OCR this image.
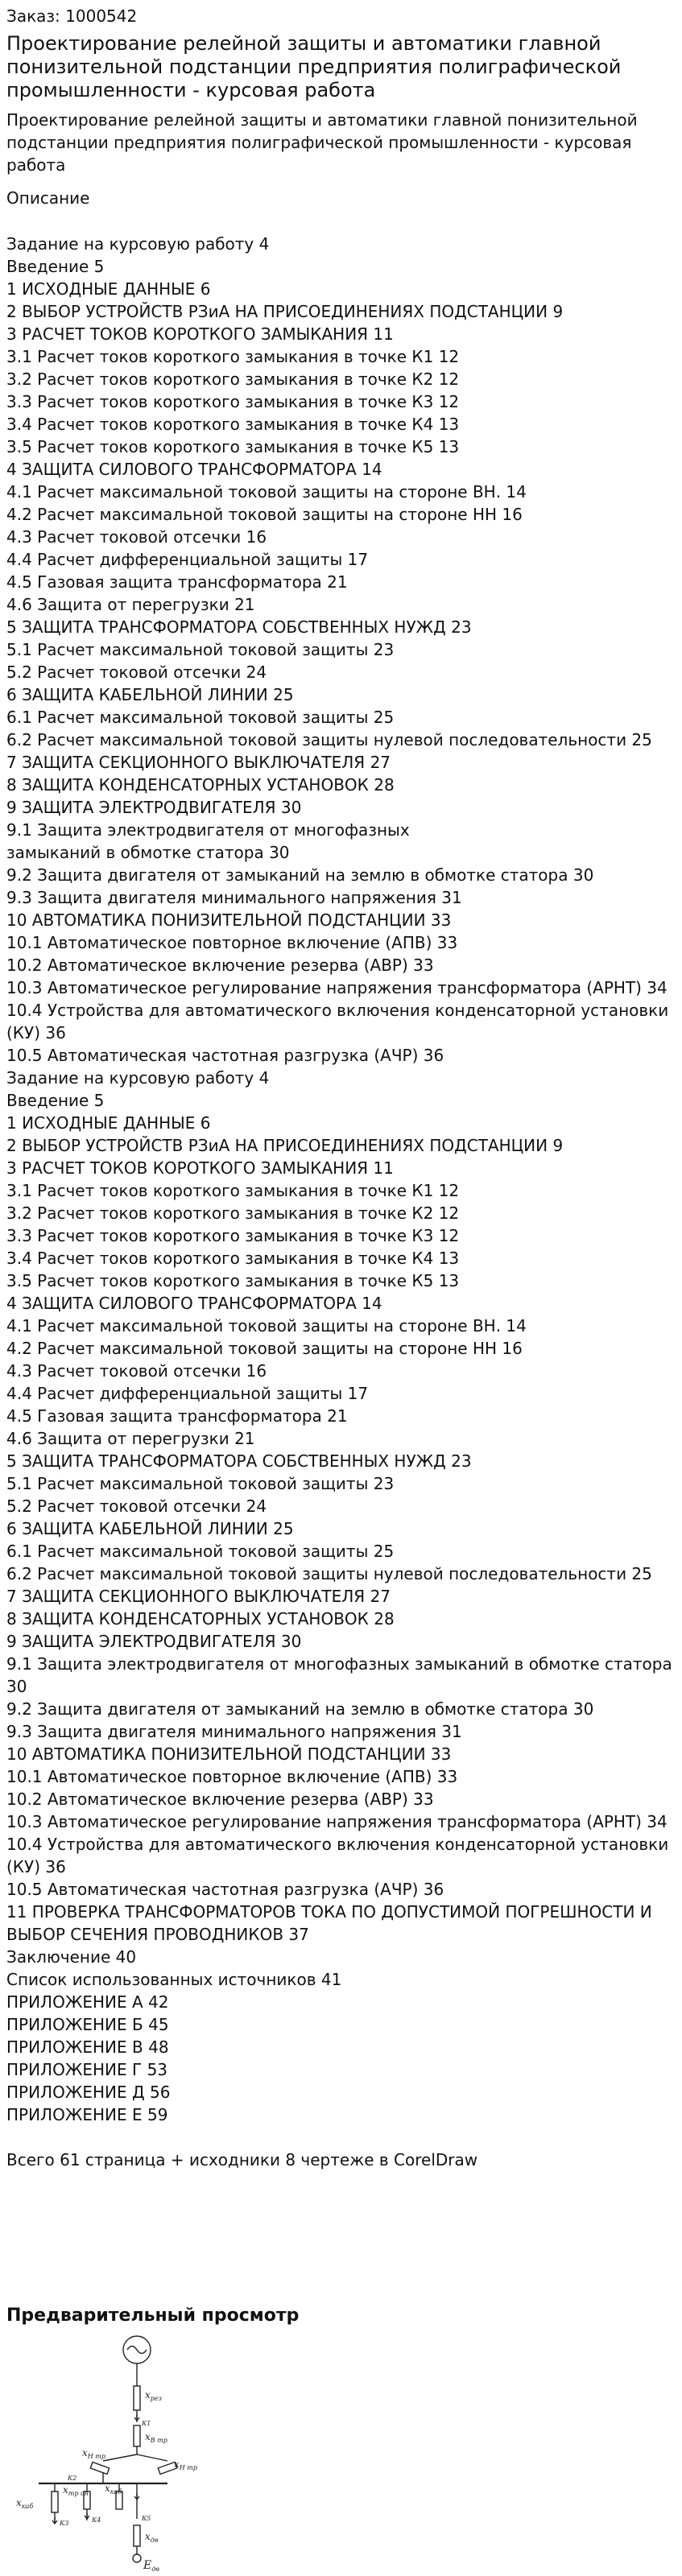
Заказ: 1000542
Проектирование релейной защиты и автоматики главной понизительной подстанции предприятия полиграфической промышленности - курсовая работа
Проектирование релейной защиты и автоматики главной понизительной подстанции предприятия полиграфической промышленности - курсовая работа
Описание
Задание на курсовую работу 4
Введение 5
1 ИСХОДНЫЕ ДАННЫЕ 6
2 ВЫБОР УСТРОЙСТВ РЗиА НА ПРИСОЕДИНЕНИЯХ ПОДСТАНЦИИ 9
3 РАСЧЕТ ТОКОВ КОРОТКОГО ЗАМЫКАНИЯ 11
3.1 Расчет токов короткого замыкания в точке К1 12
3.2 Расчет токов короткого замыкания в точке К2 12
3.3 Расчет токов короткого замыкания в точке К3 12
3.4 Расчет токов короткого замыкания в точке К4 13
3.5 Расчет токов короткого замыкания в точке К5 13
4 ЗАЩИТА СИЛОВОГО ТРАНСФОРМАТОРА 14
4.1 Расчет максимальной токовой защиты на стороне ВН. 14
4.2 Расчет максимальной токовой защиты на стороне НН 16
4.3 Расчет токовой отсечки 16
4.4 Расчет дифференциальной защиты 17
4.5 Газовая защита трансформатора 21
4.6 Защита от перегрузки 21
5 ЗАЩИТА ТРАНСФОРМАТОРА СОБСТВЕННЫХ НУЖД 23
5.1 Расчет максимальной токовой защиты 23
5.2 Расчет токовой отсечки 24
6 ЗАЩИТА КАБЕЛЬНОЙ ЛИНИИ 25
6.1 Расчет максимальной токовой защиты 25
6.2 Расчет максимальной токовой защиты нулевой последовательности 25
7 ЗАЩИТА СЕКЦИОННОГО ВЫКЛЮЧАТЕЛЯ 27
8 ЗАЩИТА КОНДЕНСАТОРНЫХ УСТАНОВОК 28
9 ЗАЩИТА ЭЛЕКТРОДВИГАТЕЛЯ 30
9.1 Защита электродвигателя от многофазных
замыканий в обмотке статора 30
9.2 Защита двигателя от замыканий на землю в обмотке статора 30
9.3 Защита двигателя минимального напряжения 31
10 АВТОМАТИКА ПОНИЗИТЕЛЬНОЙ ПОДСТАНЦИИ 33
10.1 Автоматическое повторное включение (АПВ) 33
10.2 Автоматическое включение резерва (АВР) 33
10.3 Автоматическое регулирование напряжения трансформатора (АРНТ) 34
10.4 Устройства для автоматического включения конденсаторной установки (КУ) 36
10.5 Автоматическая частотная разгрузка (АЧР) 36
Задание на курсовую работу 4
Введение 5
1 ИСХОДНЫЕ ДАННЫЕ 6
2 ВЫБОР УСТРОЙСТВ РЗиА НА ПРИСОЕДИНЕНИЯХ ПОДСТАНЦИИ 9
3 РАСЧЕТ ТОКОВ КОРОТКОГО ЗАМЫКАНИЯ 11
3.1 Расчет токов короткого замыкания в точке К1 12
3.2 Расчет токов короткого замыкания в точке К2 12
3.3 Расчет токов короткого замыкания в точке К3 12
3.4 Расчет токов короткого замыкания в точке К4 13
3.5 Расчет токов короткого замыкания в точке К5 13
4 ЗАЩИТА СИЛОВОГО ТРАНСФОРМАТОРА 14
4.1 Расчет максимальной токовой защиты на стороне ВН. 14
4.2 Расчет максимальной токовой защиты на стороне НН 16
4.3 Расчет токовой отсечки 16
4.4 Расчет дифференциальной защиты 17
4.5 Газовая защита трансформатора 21
4.6 Защита от перегрузки 21
5 ЗАЩИТА ТРАНСФОРМАТОРА СОБСТВЕННЫХ НУЖД 23
5.1 Расчет максимальной токовой защиты 23
5.2 Расчет токовой отсечки 24
6 ЗАЩИТА КАБЕЛЬНОЙ ЛИНИИ 25
6.1 Расчет максимальной токовой защиты 25
6.2 Расчет максимальной токовой защиты нулевой последовательности 25
7 ЗАЩИТА СЕКЦИОННОГО ВЫКЛЮЧАТЕЛЯ 27
8 ЗАЩИТА КОНДЕНСАТОРНЫХ УСТАНОВОК 28
9 ЗАЩИТА ЭЛЕКТРОДВИГАТЕЛЯ 30
9.1 Защита электродвигателя от многофазных замыканий в обмотке статора 30
9.2 Защита двигателя от замыканий на землю в обмотке статора 30
9.3 Защита двигателя минимального напряжения 31
10 АВТОМАТИКА ПОНИЗИТЕЛЬНОЙ ПОДСТАНЦИИ 33
10.1 Автоматическое повторное включение (АПВ) 33
10.2 Автоматическое включение резерва (АВР) 33
10.3 Автоматическое регулирование напряжения трансформатора (АРНТ) 34
10.4 Устройства для автоматического включения конденсаторной установки (КУ) 36
10.5 Автоматическая частотная разгрузка (АЧР) 36
11 ПРОВЕРКА ТРАНСФОРМАТОРОВ ТОКА ПО ДОПУСТИМОЙ ПОГРЕШНОСТИ И ВЫБОР СЕЧЕНИЯ ПРОВОДНИКОВ 37
Заключение 40
Список использованных источников 41
ПРИЛОЖЕНИЕ А 42
ПРИЛОЖЕНИЕ Б 45
ПРИЛОЖЕНИЕ В 48
ПРИЛОЖЕНИЕ Г 53
ПРИЛОЖЕНИЕ Д 56
ПРИЛОЖЕНИЕ Е 59
Всего 61 страница + исходники 8 чертеже в CorelDraw
Предварительный просмотр
$x_{рез}$
К1
$x_{В тр}$
$x_{Н тр}$
$x_{Н тр}$
К2
$x_{каб}$
К3
$x_{тр сн}$
К4
$x_{каб}$
К5
$x_{дв}$
$E_{дв}$
